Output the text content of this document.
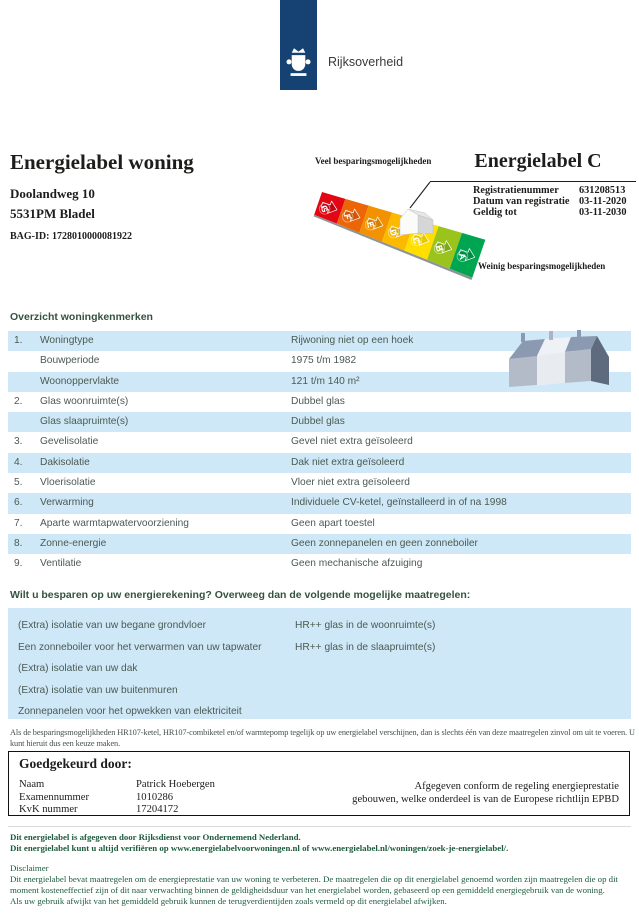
Rijksoverheid
Energielabel woning
Doolandweg 10
5531PM Bladel
BAG-ID: 1728010000081922
Veel besparingsmogelijkheden
Weinig besparingsmogelijkheden
Energielabel C
G
F
E
D
C
B
A
Registratienummer	631208513
Datum van registratie 03-11-2020
Geldig tot	03-11-2030
Overzicht woningkenmerken
1.	Woningtype	Rijwoning niet op een hoek
Bouwperiode	1975 t/m 1982
Woonoppervlakte	121 t/m 140 m²
2.	Glas woonruimte(s)	Dubbel glas
Glas slaapruimte(s)	Dubbel glas
3.	Gevelisolatie	Gevel niet extra geïsoleerd
4.	Dakisolatie	Dak niet extra geïsoleerd
5.	Vloerisolatie	Vloer niet extra geïsoleerd
6.	Verwarming	Individuele CV-ketel, geïnstalleerd in of na 1998
7.	Aparte warmtapwatervoorziening	Geen apart toestel
8.	Zonne-energie	Geen zonnepanelen en geen zonneboiler
9.	Ventilatie	Geen mechanische afzuiging
Wilt u besparen op uw energierekening? Overweeg dan de volgende mogelijke maatregelen:
(Extra) isolatie van uw begane grondvloer
Een zonneboiler voor het verwarmen van uw tapwater
(Extra) isolatie van uw dak
(Extra) isolatie van uw buitenmuren
Zonnepanelen voor het opwekken van elektriciteit
HR++ glas in de woonruimte(s)
HR++ glas in de slaapruimte(s)
Als de besparingsmogelijkheden HR107-ketel, HR107-combiketel en/of warmtepomp tegelijk op uw energielabel verschijnen, dan is slechts één van deze maatregelen zinvol om uit te voeren. U kunt hieruit dus een keuze maken.
Goedgekeurd door:
Naam	Patrick Hoebergen
Examennummer	1010286
KvK nummer	17204172
Afgegeven conform de regeling energieprestatie
gebouwen, welke onderdeel is van de Europese richtlijn EPBD
Dit energielabel is afgegeven door Rijksdienst voor Ondernemend Nederland.
Dit energielabel kunt u altijd verifiëren op www.energielabelvoorwoningen.nl of www.energielabel.nl/woningen/zoek-je-energielabel/.
Disclaimer
Dit energielabel bevat maatregelen om de energieprestatie van uw woning te verbeteren. De maatregelen die op dit energielabel genoemd worden zijn maatregelen die op dit moment kosteneffectief zijn of dit naar verwachting binnen de geldigheidsduur van het energielabel worden, gebaseerd op een gemiddeld energiegebruik van de woning.
Als uw gebruik afwijkt van het gemiddeld gebruik kunnen de terugverdientijden zoals vermeld op dit energielabel afwijken.
